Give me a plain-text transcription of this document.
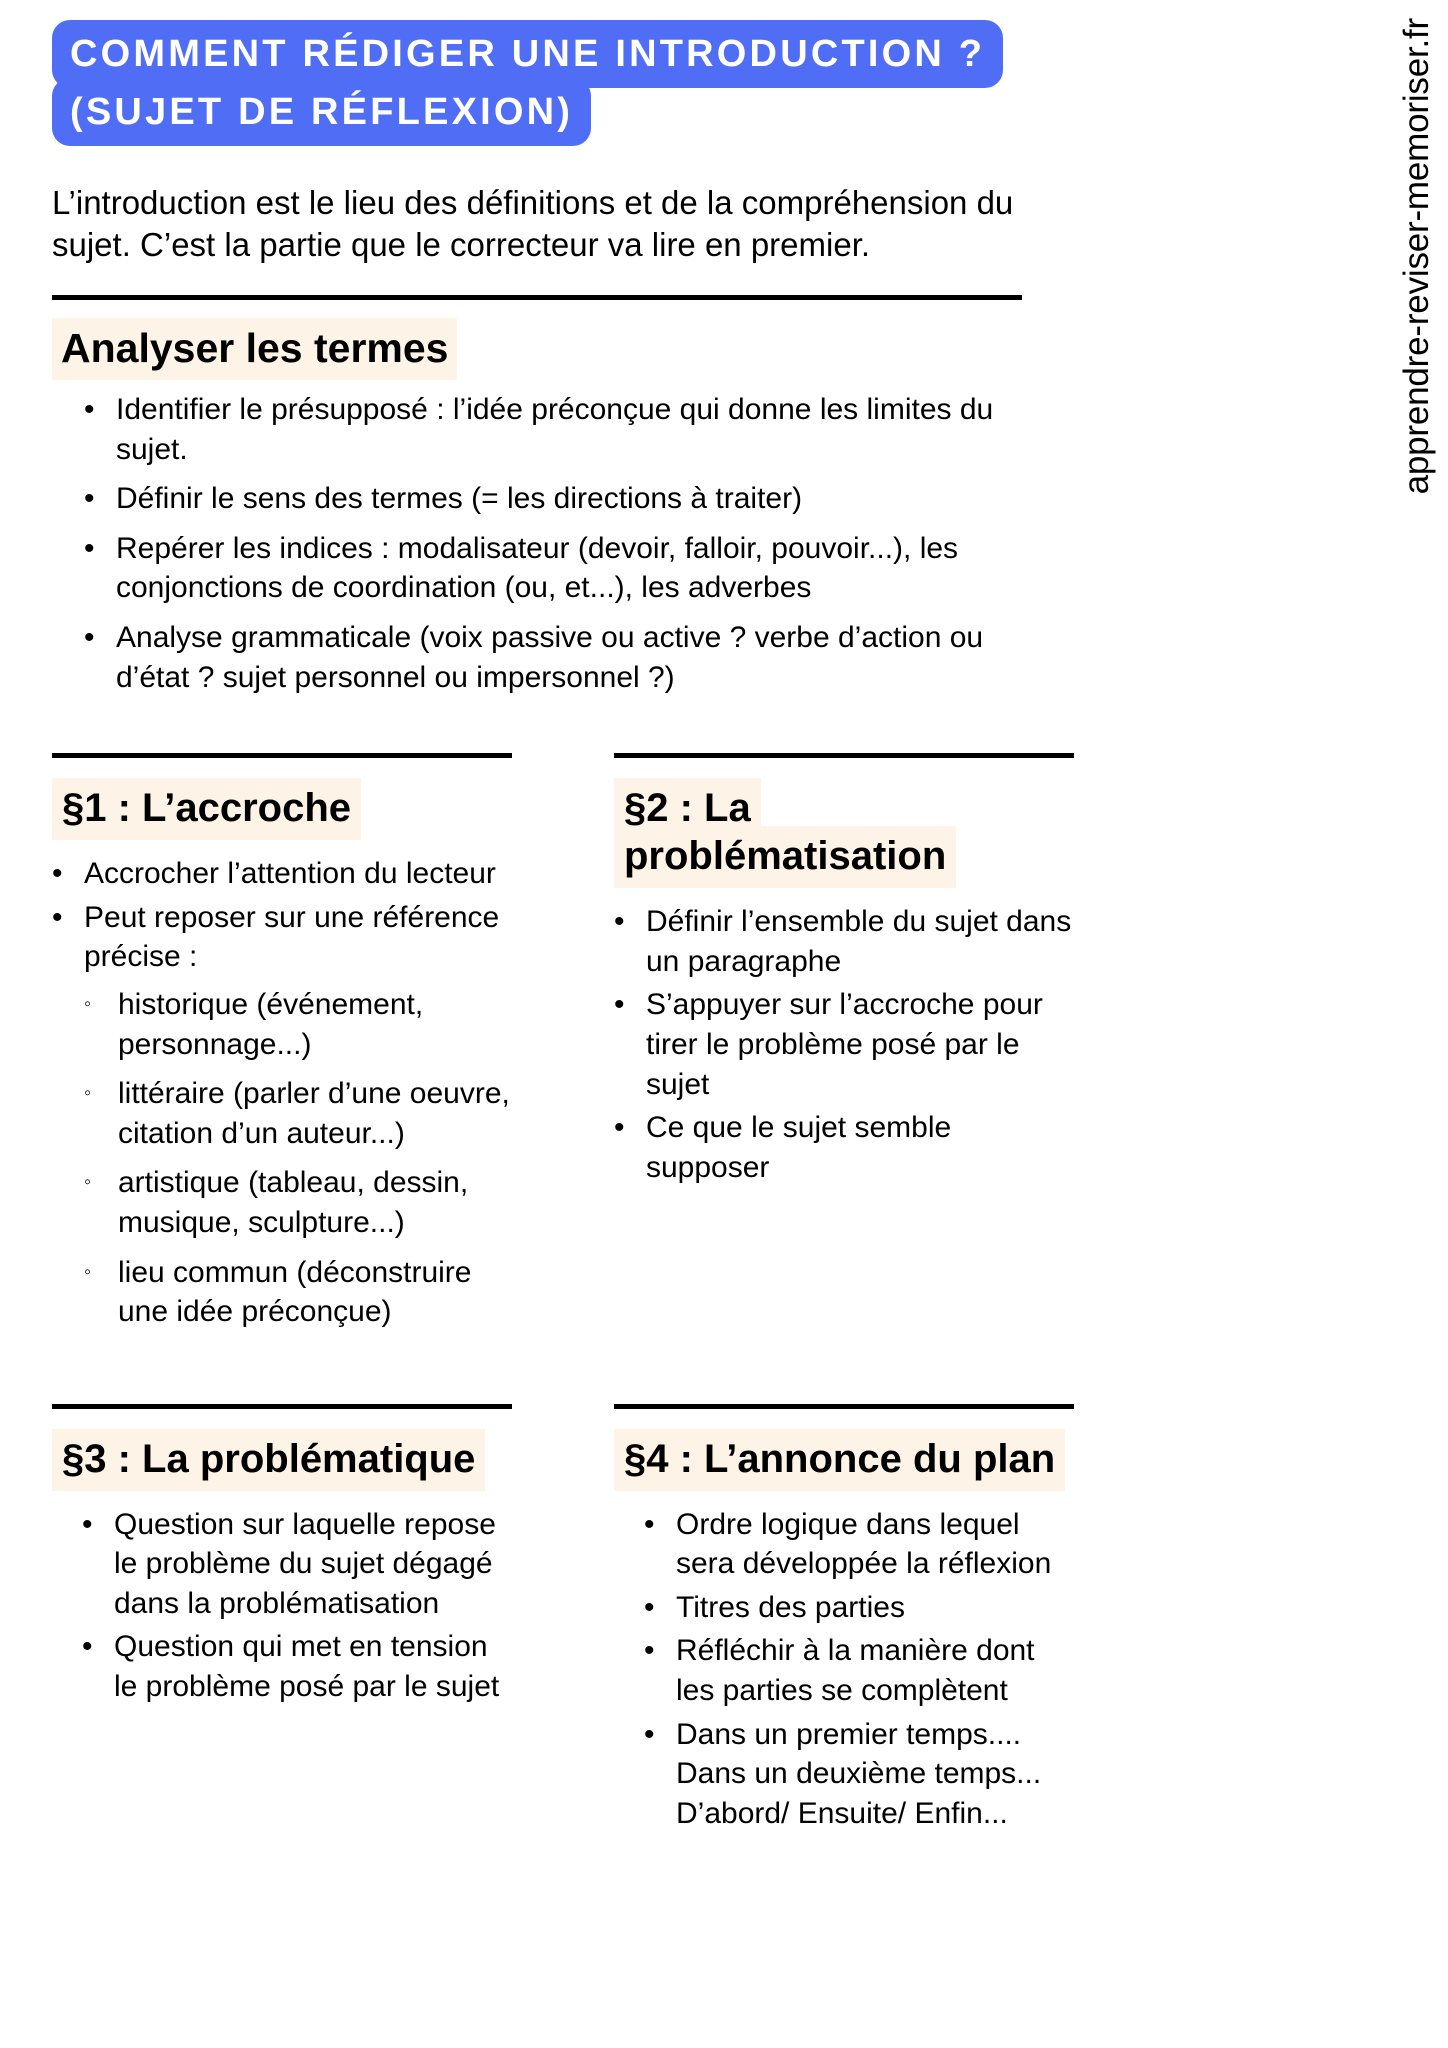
apprendre-reviser-memoriser.fr
COMMENT RÉDIGER UNE INTRODUCTION ?
(SUJET DE RÉFLEXION)

L’introduction est le lieu des définitions et de la compréhension du sujet. C’est la partie que le correcteur va lire en premier.

Analyser les termes
• Identifier le présupposé : l’idée préconçue qui donne les limites du sujet.
• Définir le sens des termes (= les directions à traiter)
• Repérer les indices : modalisateur (devoir, falloir, pouvoir...), les conjonctions de coordination (ou, et...), les adverbes
• Analyse grammaticale (voix passive ou active ? verbe d’action ou d’état ? sujet personnel ou impersonnel ?)
§1 : L’accroche
• Accrocher l’attention du lecteur
• Peut reposer sur une référence précise :
◦ historique (événement, personnage...)
◦ littéraire (parler d’une oeuvre, citation d’un auteur...)
◦ artistique (tableau, dessin, musique, sculpture...)
◦ lieu commun (déconstruire une idée préconçue)
§2 : La problématisation
• Définir l’ensemble du sujet dans un paragraphe
• S’appuyer sur l’accroche pour tirer le problème posé par le sujet
• Ce que le sujet semble supposer
§3 : La problématique
• Question sur laquelle repose le problème du sujet dégagé dans la problématisation
• Question qui met en tension le problème posé par le sujet
§4 : L’annonce du plan
• Ordre logique dans lequel sera développée la réflexion
• Titres des parties
• Réfléchir à la manière dont les parties se complètent
• Dans un premier temps.... Dans un deuxième temps... D’abord/ Ensuite/ Enfin...
